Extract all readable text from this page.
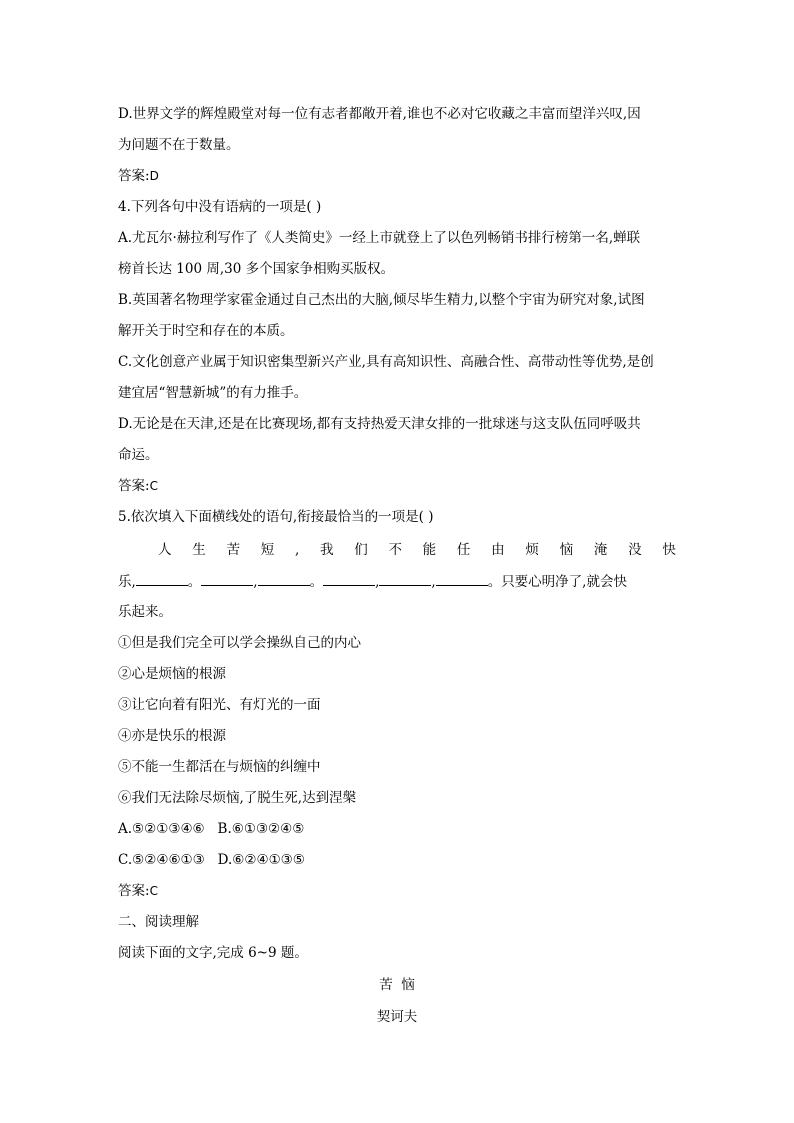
D.世界文学的辉煌殿堂对每一位有志者都敞开着,谁也不必对它收藏之丰富而望洋兴叹,因
为问题不在于数量。
答案:D
4.下列各句中没有语病的一项是( )
A.尤瓦尔·赫拉利写作了《人类简史》一经上市就登上了以色列畅销书排行榜第一名,蝉联
榜首长达 100 周,30 多个国家争相购买版权。
B.英国著名物理学家霍金通过自己杰出的大脑,倾尽毕生精力,以整个宇宙为研究对象,试图
解开关于时空和存在的本质。
C.文化创意产业属于知识密集型新兴产业,具有高知识性、高融合性、高带动性等优势,是创
建宜居“智慧新城”的有力推手。
D.无论是在天津,还是在比赛现场,都有支持热爱天津女排的一批球迷与这支队伍同呼吸共
命运。
答案:C
5.依次填入下面横线处的语句,衔接最恰当的一项是( )
人 生 苦 短 , 我 们 不 能 任 由 烦 恼 淹 没 快
乐,	。	,	。	,	,	。只要心明净了,就会快
乐起来。
①但是我们完全可以学会操纵自己的内心
②心是烦恼的根源
③让它向着有阳光、有灯光的一面
④亦是快乐的根源
⑤不能一生都活在与烦恼的纠缠中
⑥我们无法除尽烦恼,了脱生死,达到涅槃
A.⑤②①③④⑥   B.⑥①③②④⑤
C.⑤②④⑥①③   D.⑥②④①③⑤
答案:C
二、阅读理解
阅读下面的文字,完成 6~9 题。
苦  恼
契诃夫
